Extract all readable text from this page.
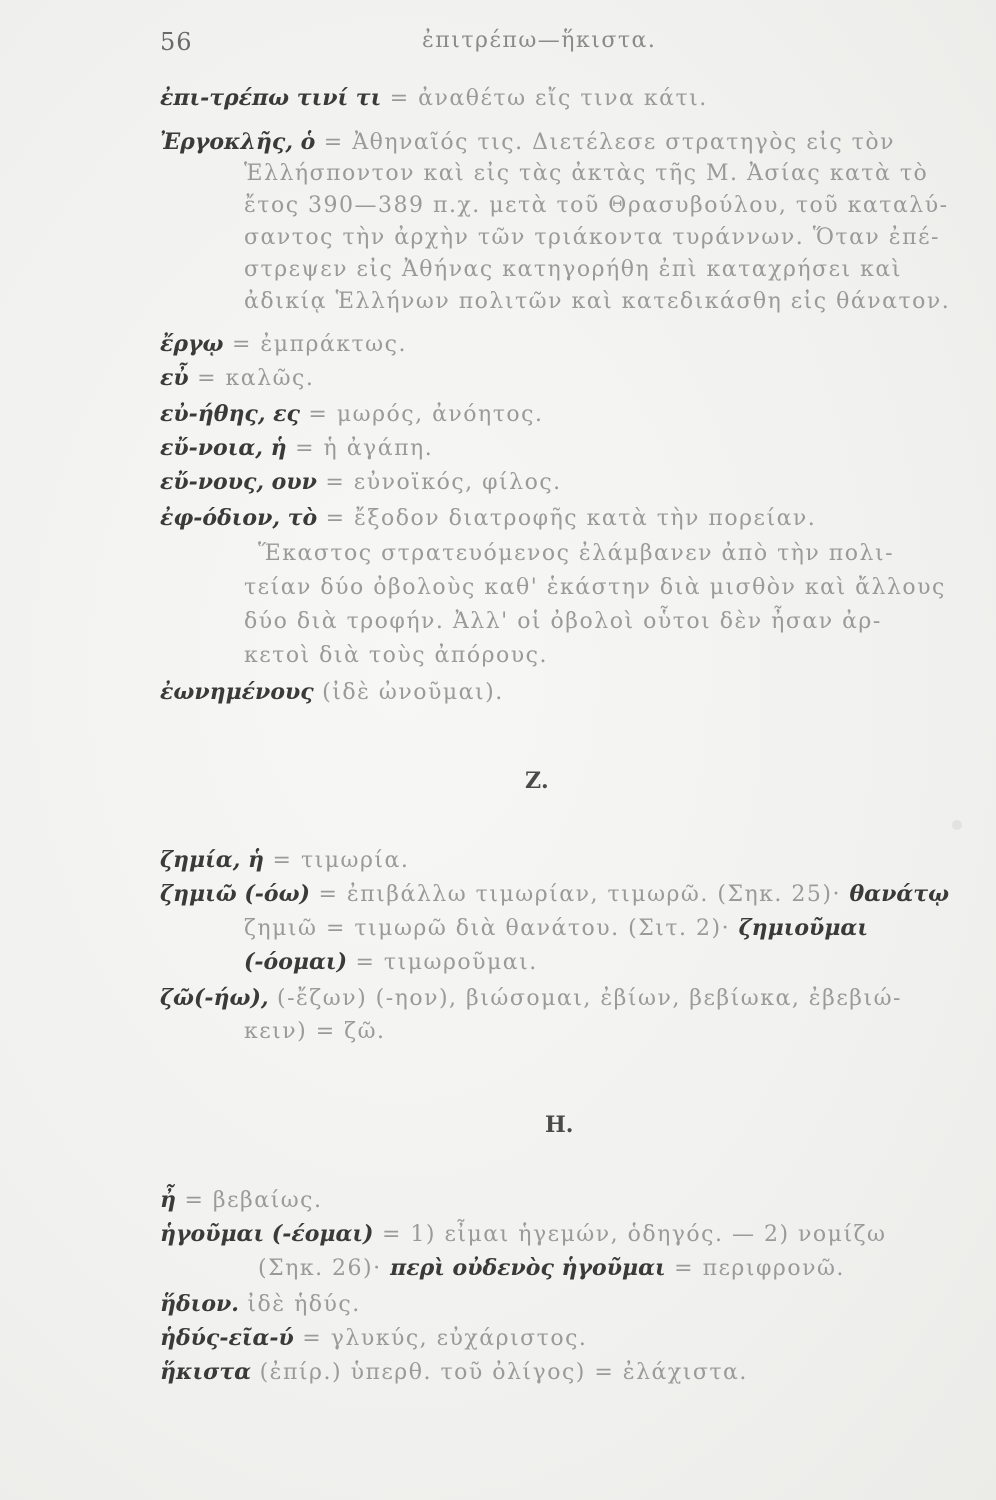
56	ἐπιτρέπω—ἥκιστα.
ἐπι-τρέπω τινί τι = ἀναθέτω εἴς τινα κάτι.
Ἐργοκλῆς, ὁ = Ἀθηναῖός τις. Διετέλεσε στρατηγὸς εἰς τὸν
Ἑλλήσποντον καὶ εἰς τὰς ἀκτὰς τῆς Μ. Ἀσίας κατὰ τὸ
ἔτος 390—389 π.χ. μετὰ τοῦ Θρασυβούλου, τοῦ καταλύ-
σαντος τὴν ἀρχὴν τῶν τριάκοντα τυράννων. Ὅταν ἐπέ-
στρεψεν εἰς Ἀθήνας κατηγορήθη ἐπὶ καταχρήσει καὶ
ἀδικίᾳ Ἑλλήνων πολιτῶν καὶ κατεδικάσθη εἰς θάνατον.
ἔργῳ = ἐμπράκτως.
εὖ = καλῶς.
εὐ-ήθης, ες = μωρός, ἀνόητος.
εὔ-νοια, ἡ = ἡ ἀγάπη.
εὔ-νους, ουν = εὐνοϊκός, φίλος.
ἐφ-όδιον, τὸ = ἔξοδον διατροφῆς κατὰ τὴν πορείαν.
Ἕκαστος στρατευόμενος ἐλάμβανεν ἀπὸ τὴν πολι-
τείαν δύο ὀβολοὺς καθ' ἑκάστην διὰ μισθὸν καὶ ἄλλους
δύο διὰ τροφήν. Ἀλλ' οἱ ὀβολοὶ οὗτοι δὲν ἦσαν ἀρ-
κετοὶ διὰ τοὺς ἀπόρους.
ἐωνημένους (ἰδὲ ὠνοῦμαι).
Ζ.
ζημία, ἡ = τιμωρία.
ζημιῶ (-όω) = ἐπιβάλλω τιμωρίαν, τιμωρῶ. (Σηκ. 25)· θανάτῳ
ζημιῶ = τιμωρῶ διὰ θανάτου. (Σιτ. 2)· ζημιοῦμαι
(-όομαι) = τιμωροῦμαι.
ζῶ(-ήω), (-ἔζων) (-ηον), βιώσομαι, ἐβίων, βεβίωκα, ἐβεβιώ-
κειν) = ζῶ.
Η.
ἦ = βεβαίως.
ἡγοῦμαι (-έομαι) = 1) εἶμαι ἡγεμών, ὁδηγός. — 2) νομίζω
(Σηκ. 26)· περὶ οὐδενὸς ἡγοῦμαι = περιφρονῶ.
ἥδιον. ἰδὲ ἡδύς.
ἡδύς-εῖα-ύ = γλυκύς, εὐχάριστος.
ἥκιστα (ἐπίρ.) ὑπερθ. τοῦ ὀλίγος) = ἐλάχιστα.
